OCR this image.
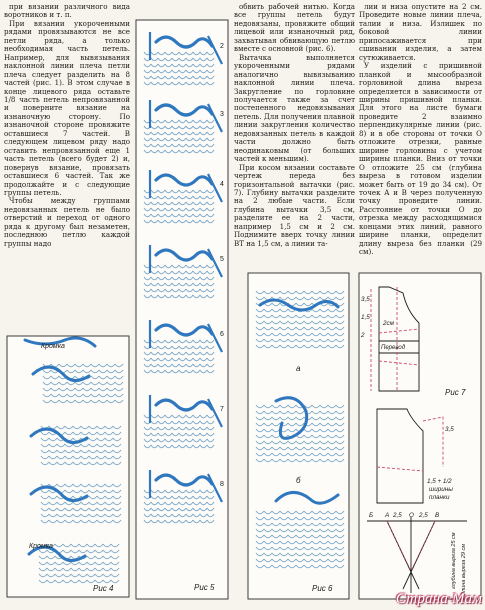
при вязании различного вида воротников и т. п.

При вязании укороченными рядами провязываются не все петли ряда, а только необходимая часть петель. Например, для вывязывания наклонной линии плеча петли плеча следует разделить на 8 частей (рис. 1). В этом случае в конце лицевого ряда оставьте 1/8 часть петель непровязанной и поверните вязание на изнаночную сторону. По изнаночной стороне провяжите оставшиеся 7 частей. В следующем лицевом ряду надо оставить непровязанной еще 1 часть петель (всего будет 2) и, повернув вязание, провязать оставшиеся 6 частей. Так же продолжайте и с следующие группы петель.

Чтобы между группами недовязанных петель не было отверстий и переход от одного ряда к другому был незаметен, последнюю петлю каждой группы надо

обвить рабочей нитью. Когда все группы петель будут недовязаны, провяжите общий лицевой или изнаночный ряд, захватывая обвивающую петлю вместе с основной (рис. 6).

Вытачка выполняется укороченными рядами аналогично вывязыванию наклонной линии плеча. Закругление по горловине получается также за счет постепенного недовязывания петель. Для получения плавной линии закругления количество недовязанных петель в каждой части должно быть неодинаковым (от больших частей к меньшим).

При косом вязании составьте чертеж переда без горизонтальной вытачки (рис. 7). Глубину вытачки разделите на 2 любые части. Если глубина вытачки 3,5 см, разделите ее на 2 части, например 1,5 см и 2 см. Поднимите вверх точку линии ВТ на 1,5 см, а линии та-

лии и низа опустите на 2 см. Проведите новые линии плеча, талии и низа. Излишек по боковой линии припосаживается при сшивании изделия, а затем сутюживается.

У изделий с пришивной планкой и мысообразной горловиной длина выреза определяется в зависимости от ширины пришивной планки. Для этого на листе бумаги проведите 2 взаимно перпендикулярные линии (рис. 8) и в обе стороны от точки О отложите отрезки, равные ширине горловины с учетом ширины планки. Вниз от точки О отложите 25 см (глубина выреза в готовом изделии может быть от 19 до 34 см). От точек А и В через полученную точку проведите линии. Расстояние от точки О до отрезка между расходящимися концами этих линий, равного ширине планки, определит длину выреза без планки (29 см).

2
3
4
5
6
7
8
Рис 5
Кромка
Кромка
Рис 4
а
б
Рис 6
3,5
1,5
2
2см
Перевод
3,5
1,5 + 1/2
ширины
планки
Б А 2,5 О 2,5 В
глубина выреза 25 см длина выреза 29 см
Рис 7
Страна·Мам
